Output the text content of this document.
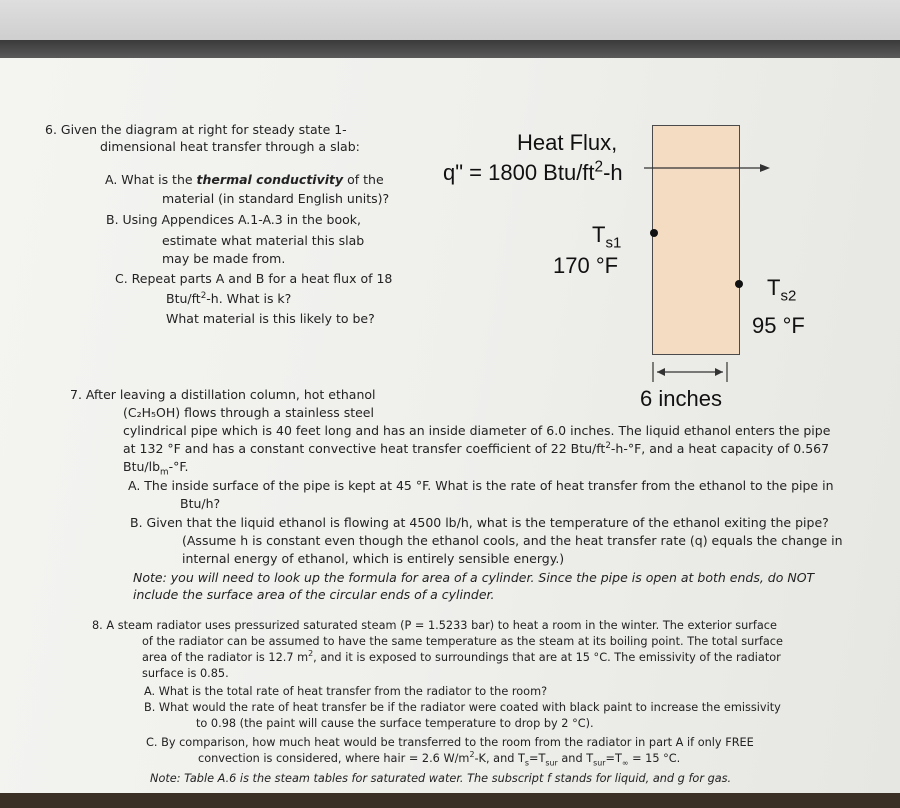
6. Given the diagram at right for steady state 1-
dimensional heat transfer through a slab:
A. What is the thermal conductivity of the
material (in standard English units)?
B. Using Appendices A.1-A.3 in the book,
estimate what material this slab
may be made from.
C. Repeat parts A and B for a heat flux of 18
Btu/$ft^2-h$. What is k?
What material is this likely to be?
Heat Flux,
q" = 1800 Btu/$ft^2-h$
$T_{s1}$
170 °F
$T_{s2}$
95 °F
6 inches
7. After leaving a distillation column, hot ethanol
(C₂H₅OH) flows through a stainless steel
cylindrical pipe which is 40 feet long and has an inside diameter of 6.0 inches. The liquid ethanol enters the pipe
at 132 °F and has a constant convective heat transfer coefficient of 22 Btu/$ft^2-h-^\circ F$, and a heat capacity of 0.567
Btu/$lb_m-^\circ F$.
A. The inside surface of the pipe is kept at 45 °F. What is the rate of heat transfer from the ethanol to the pipe in
Btu/h?
B. Given that the liquid ethanol is flowing at 4500 lb/h, what is the temperature of the ethanol exiting the pipe?
(Assume h is constant even though the ethanol cools, and the heat transfer rate (q) equals the change in
internal energy of ethanol, which is entirely sensible energy.)
Note: you will need to look up the formula for area of a cylinder. Since the pipe is open at both ends, do NOT
include the surface area of the circular ends of a cylinder.
8. A steam radiator uses pressurized saturated steam (P = 1.5233 bar) to heat a room in the winter. The exterior surface
of the radiator can be assumed to have the same temperature as the steam at its boiling point. The total surface
area of the radiator is 12.7 $m^2$, and it is exposed to surroundings that are at 15 °C. The emissivity of the radiator
surface is 0.85.
A. What is the total rate of heat transfer from the radiator to the room?
B. What would the rate of heat transfer be if the radiator were coated with black paint to increase the emissivity
to 0.98 (the paint will cause the surface temperature to drop by 2 °C).
C. By comparison, how much heat would be transferred to the room from the radiator in part A if only FREE
convection is considered, where hair = 2.6 $W/m^2-K$, and $T_s=T_{sur}$ and $T_{sur}=T_\infty = 15$ °C.
Note: Table A.6 is the steam tables for saturated water. The subscript f stands for liquid, and g for gas.
